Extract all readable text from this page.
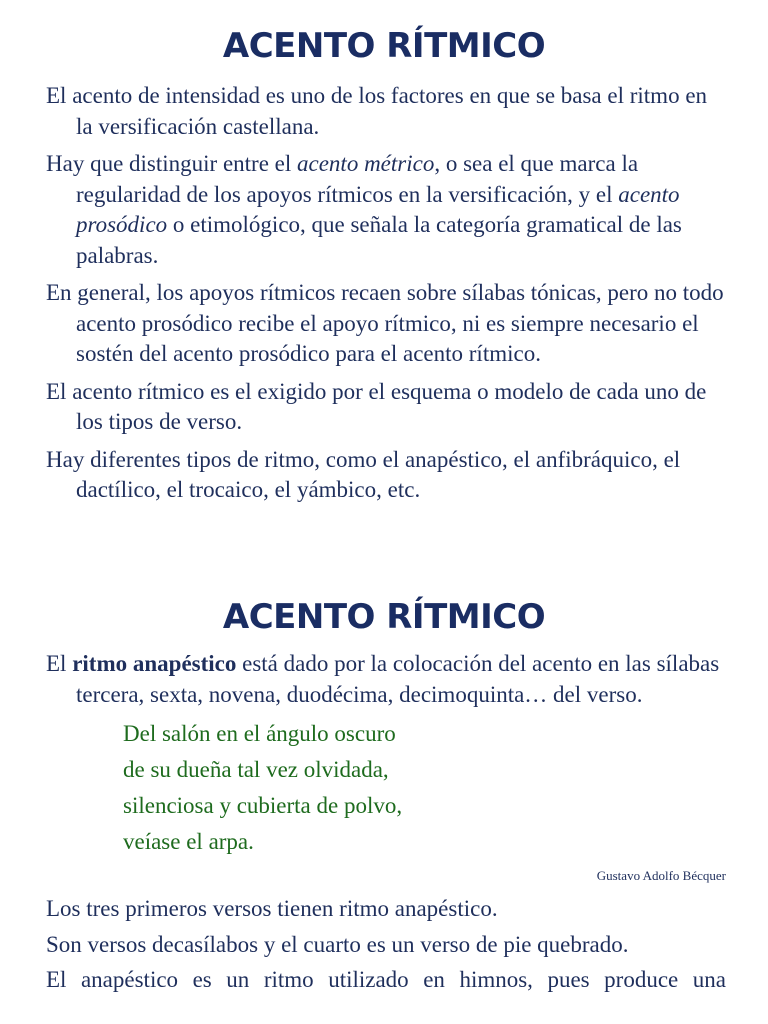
ACENTO RÍTMICO

El acento de intensidad es uno de los factores en que se basa el ritmo en la versificación castellana.

Hay que distinguir entre el acento métrico, o sea el que marca la regularidad de los apoyos rítmicos en la versificación, y el acento prosódico o etimológico, que señala la categoría gramatical de las palabras.

En general, los apoyos rítmicos recaen sobre sílabas tónicas, pero no todo acento prosódico recibe el apoyo rítmico, ni es siempre necesario el sostén del acento prosódico para el acento rítmico.

El acento rítmico es el exigido por el esquema o modelo de cada uno de los tipos de verso.

Hay diferentes tipos de ritmo, como el anapéstico, el anfibráquico, el dactílico, el trocaico, el yámbico, etc.

ACENTO RÍTMICO

El ritmo anapéstico está dado por la colocación del acento en las sílabas tercera, sexta, novena, duodécima, decimoquinta… del verso.

Del salón en el ángulo oscuro
de su dueña tal vez olvidada,
silenciosa y cubierta de polvo,
veíase el arpa.
Gustavo Adolfo Bécquer

Los tres primeros versos tienen ritmo anapéstico.

Son versos decasílabos y el cuarto es un verso de pie quebrado.

El anapéstico es un ritmo utilizado en himnos, pues produce una
